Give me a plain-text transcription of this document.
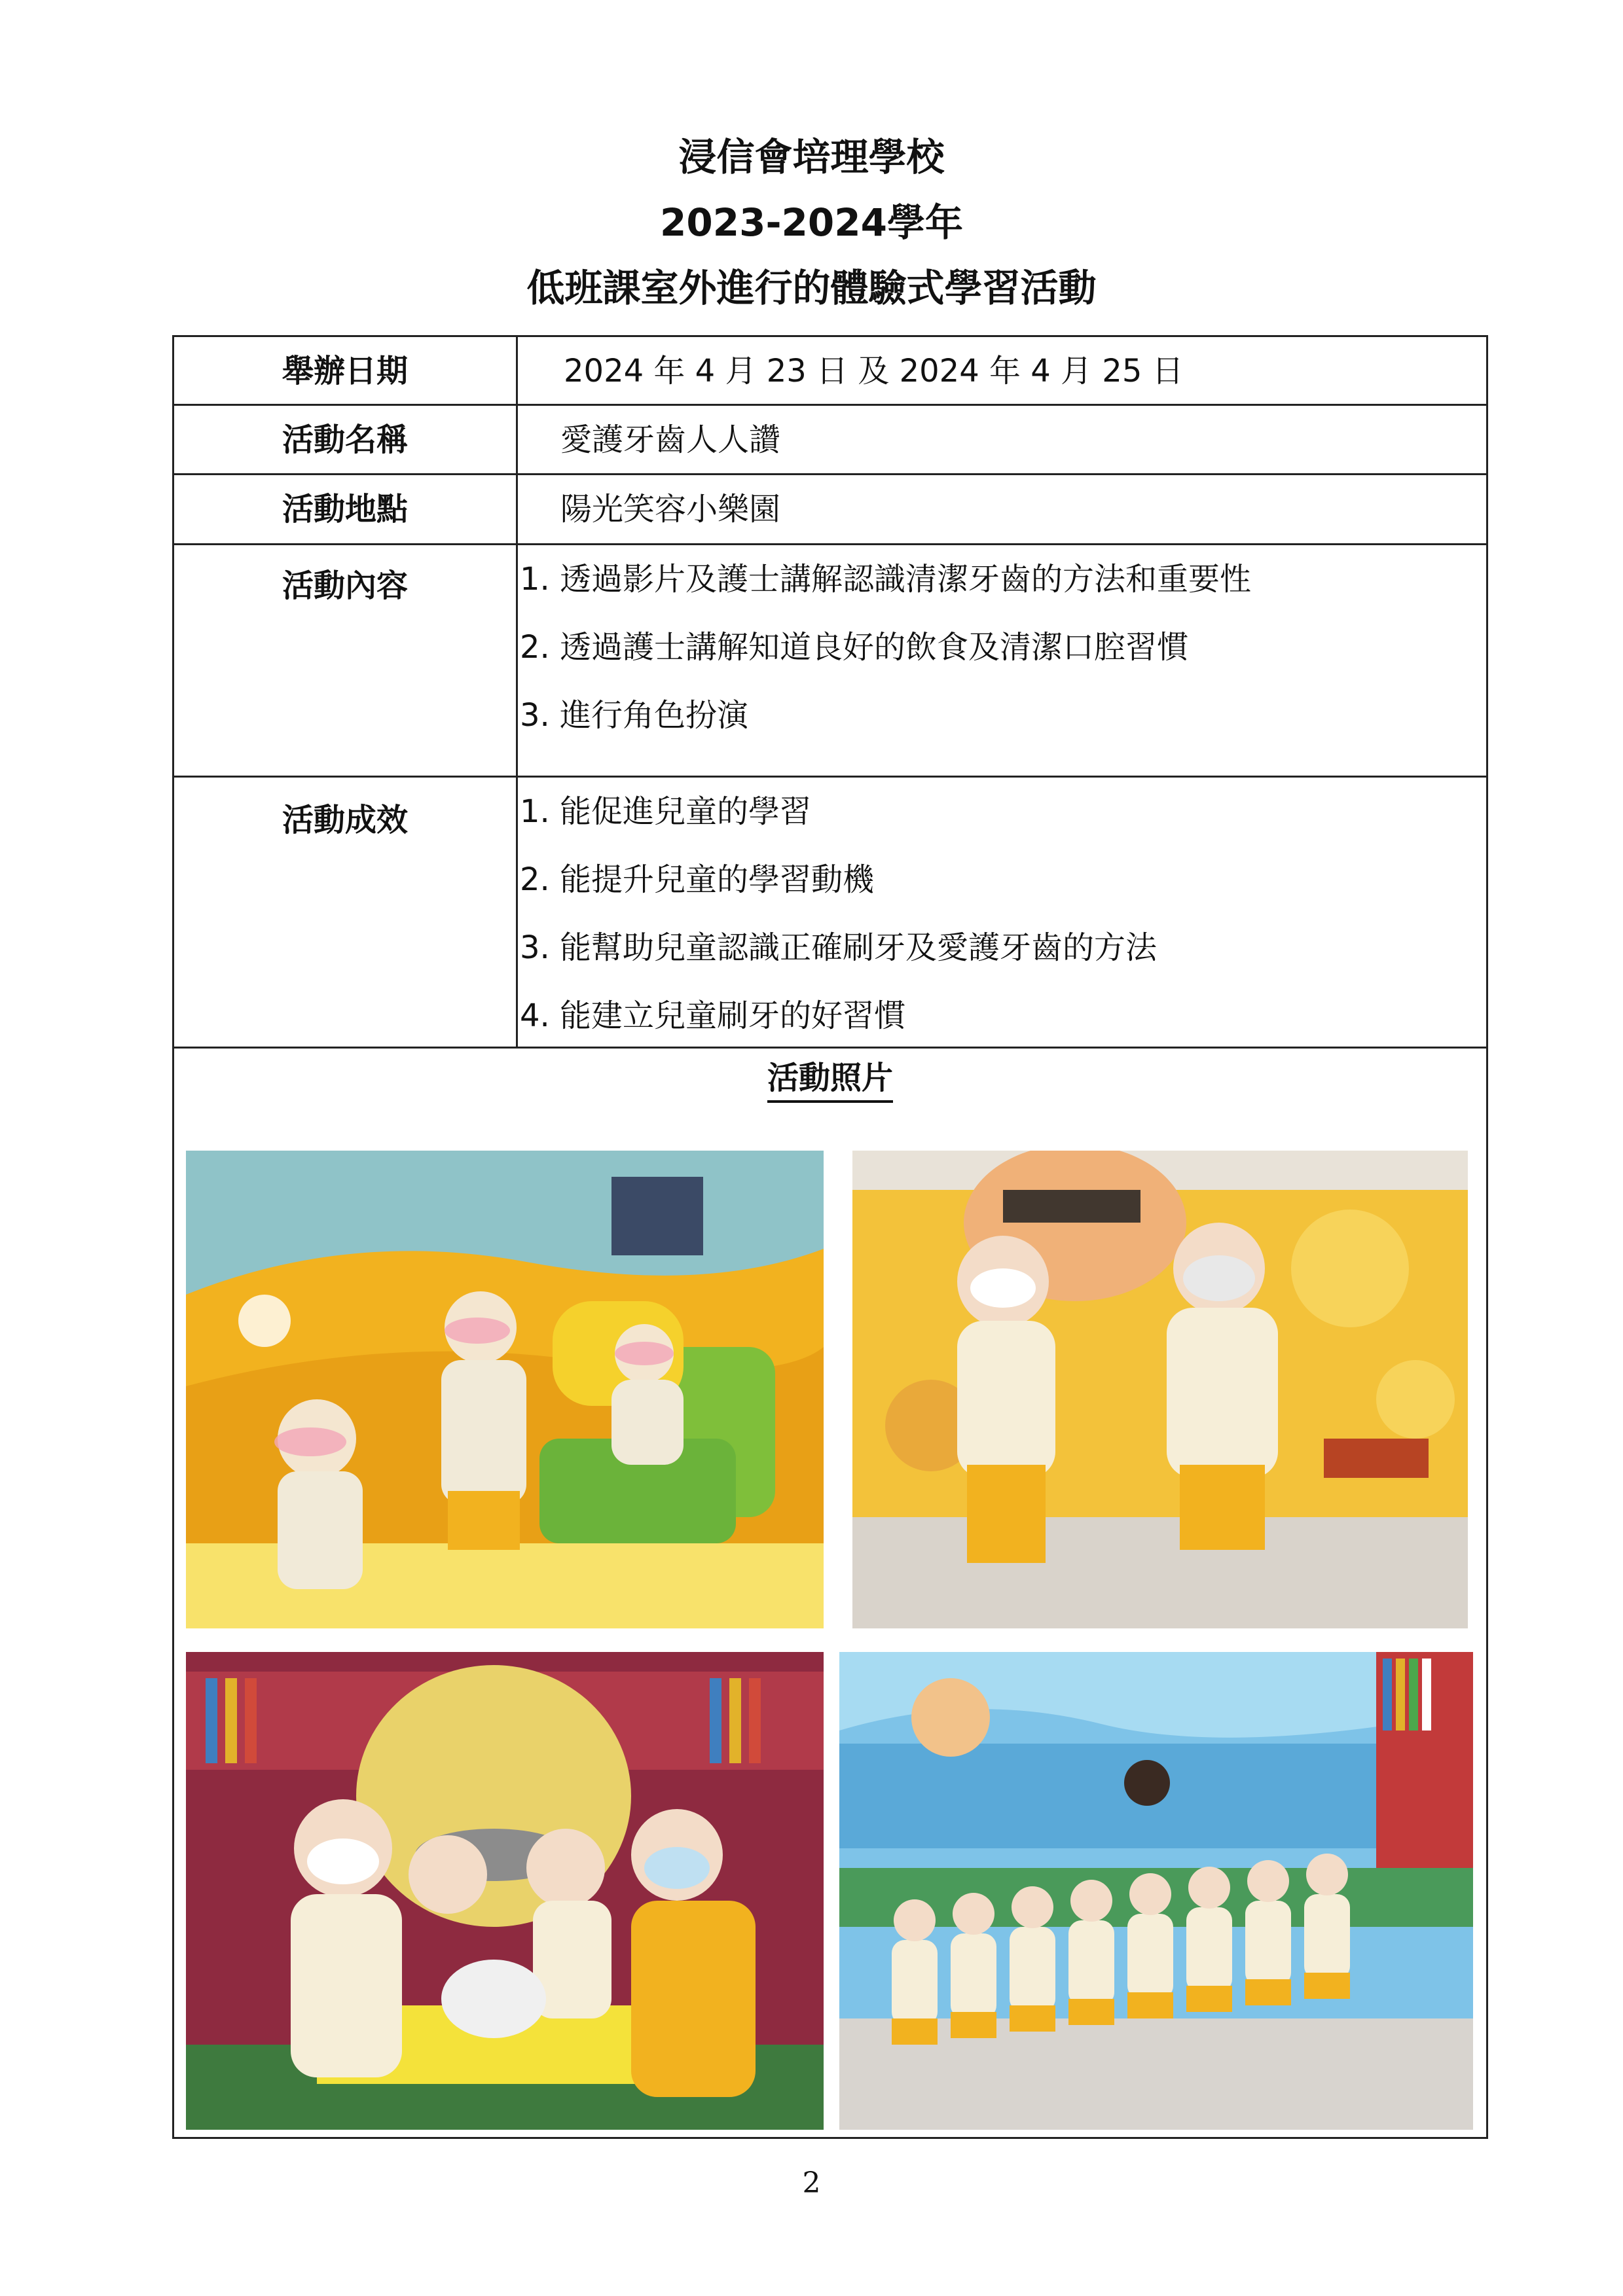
浸信會培理學校
2023-2024學年
低班課室外進行的體驗式學習活動
舉辦日期	2024 年 4 月 23 日 及 2024 年 4 月 25 日
活動名稱	愛護牙齒人人讚
活動地點	陽光笑容小樂園
活動內容	1. 透過影片及護士講解認識清潔牙齒的方法和重要性
2. 透過護士講解知道良好的飲食及清潔口腔習慣
3. 進行角色扮演
活動成效	1. 能促進兒童的學習
2. 能提升兒童的學習動機
3. 能幫助兒童認識正確刷牙及愛護牙齒的方法
4. 能建立兒童刷牙的好習慣
活動照片
2
